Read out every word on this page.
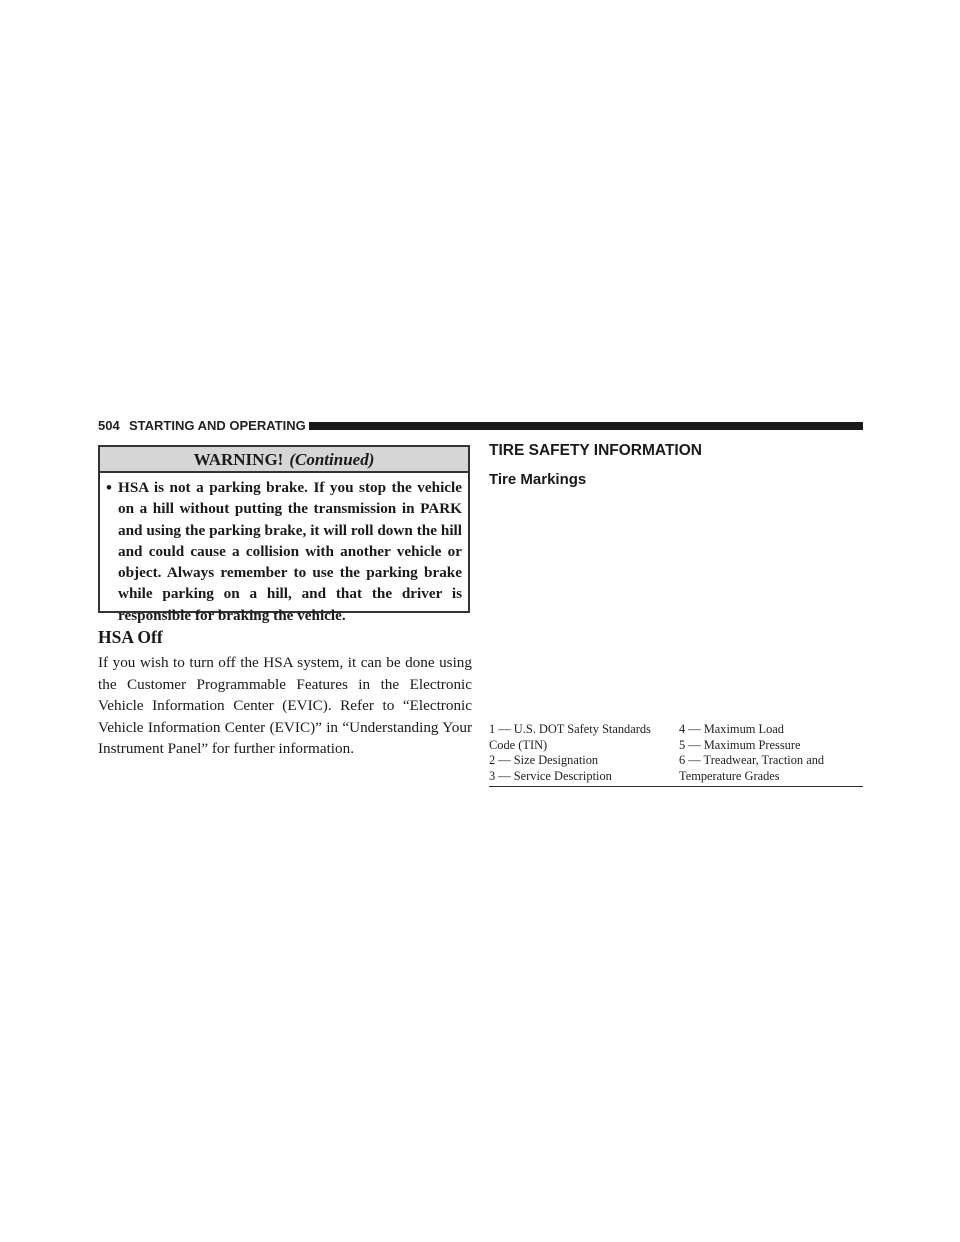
504 STARTING AND OPERATING
WARNING! (Continued)
• HSA is not a parking brake. If you stop the vehicle on a hill without putting the transmission in PARK and using the parking brake, it will roll down the hill and could cause a collision with another vehicle or object. Always remember to use the parking brake while parking on a hill, and that the driver is responsible for braking the vehicle.
HSA Off

If you wish to turn off the HSA system, it can be done using the Customer Programmable Features in the Electronic Vehicle Information Center (EVIC). Refer to “Electronic Vehicle Information Center (EVIC)” in “Understanding Your Instrument Panel” for further information.

TIRE SAFETY INFORMATION
Tire Markings
1 — U.S. DOT Safety Standards
Code (TIN)
2 — Size Designation
3 — Service Description
4 — Maximum Load
5 — Maximum Pressure
6 — Treadwear, Traction and
Temperature Grades
